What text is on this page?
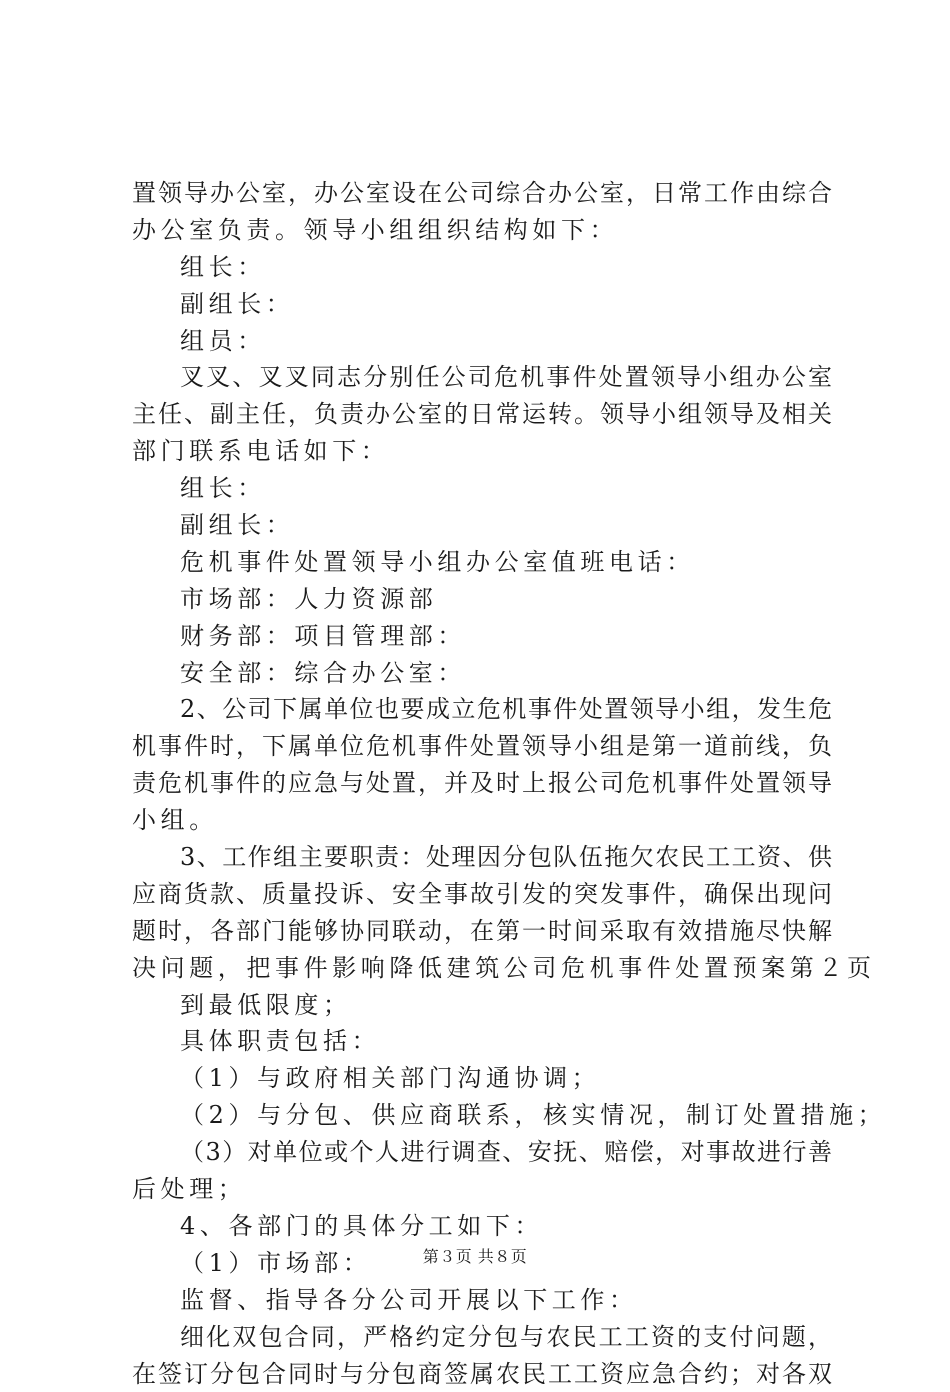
置领导办公室，办公室设在公司综合办公室，日常工作由综合
办公室负责。领导小组组织结构如下：
组长：
副组长：
组员：
叉叉、叉叉同志分别任公司危机事件处置领导小组办公室
主任、副主任，负责办公室的日常运转。领导小组领导及相关
部门联系电话如下：
组长：
副组长：
危机事件处置领导小组办公室值班电话：
市场部：人力资源部
财务部：项目管理部：
安全部：综合办公室：
2、公司下属单位也要成立危机事件处置领导小组，发生危
机事件时，下属单位危机事件处置领导小组是第一道前线，负
责危机事件的应急与处置，并及时上报公司危机事件处置领导
小组。
3、工作组主要职责：处理因分包队伍拖欠农民工工资、供
应商货款、质量投诉、安全事故引发的突发事件，确保出现问
题时，各部门能够协同联动，在第一时间采取有效措施尽快解
决问题，把事件影响降低建筑公司危机事件处置预案第２页
到最低限度；
具体职责包括：
（1）与政府相关部门沟通协调；
（2）与分包、供应商联系，核实情况，制订处置措施；
（3）对单位或个人进行调查、安抚、赔偿，对事故进行善
后处理；
4、各部门的具体分工如下：
（1）市场部：
监督、指导各分公司开展以下工作：
细化双包合同，严格约定分包与农民工工资的支付问题，
在签订分包合同时与分包商签属农民工工资应急合约；对各双
第３页 共８页
